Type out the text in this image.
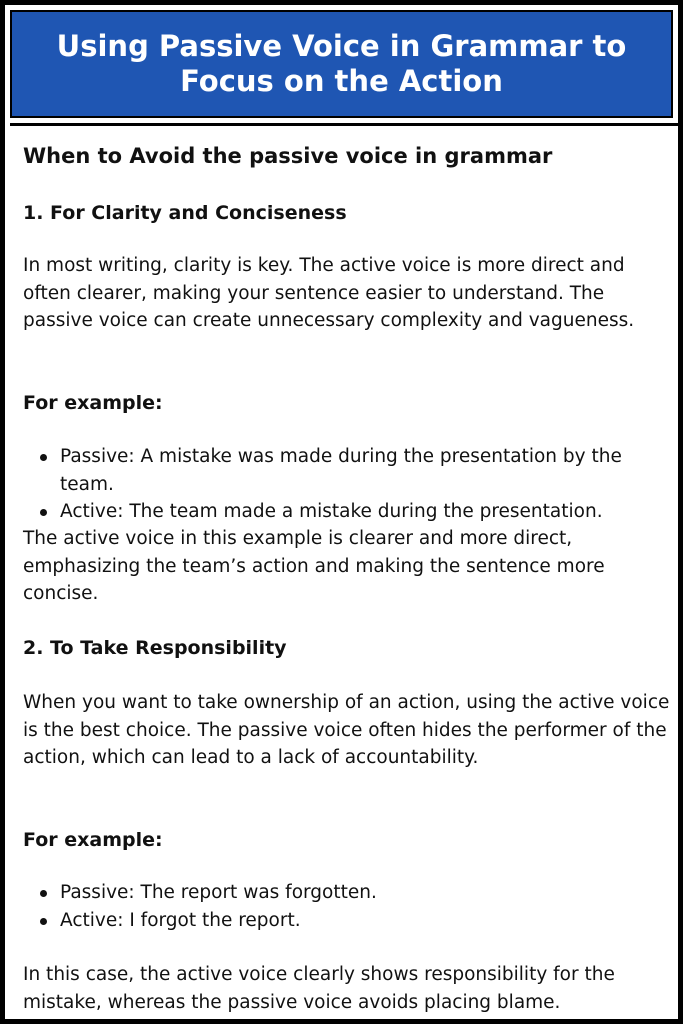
Using Passive Voice in Grammar to Focus on the Action
When to Avoid the passive voice in grammar
1. For Clarity and Conciseness

In most writing, clarity is key. The active voice is more direct and often clearer, making your sentence easier to understand. The passive voice can create unnecessary complexity and vagueness.

For example:

Passive: A mistake was made during the presentation by the team.
Active: The team made a mistake during the presentation.

The active voice in this example is clearer and more direct, emphasizing the team’s action and making the sentence more concise.

2. To Take Responsibility

When you want to take ownership of an action, using the active voice is the best choice. The passive voice often hides the performer of the action, which can lead to a lack of accountability.

For example:

Passive: The report was forgotten.
Active: I forgot the report.

In this case, the active voice clearly shows responsibility for the mistake, whereas the passive voice avoids placing blame.
